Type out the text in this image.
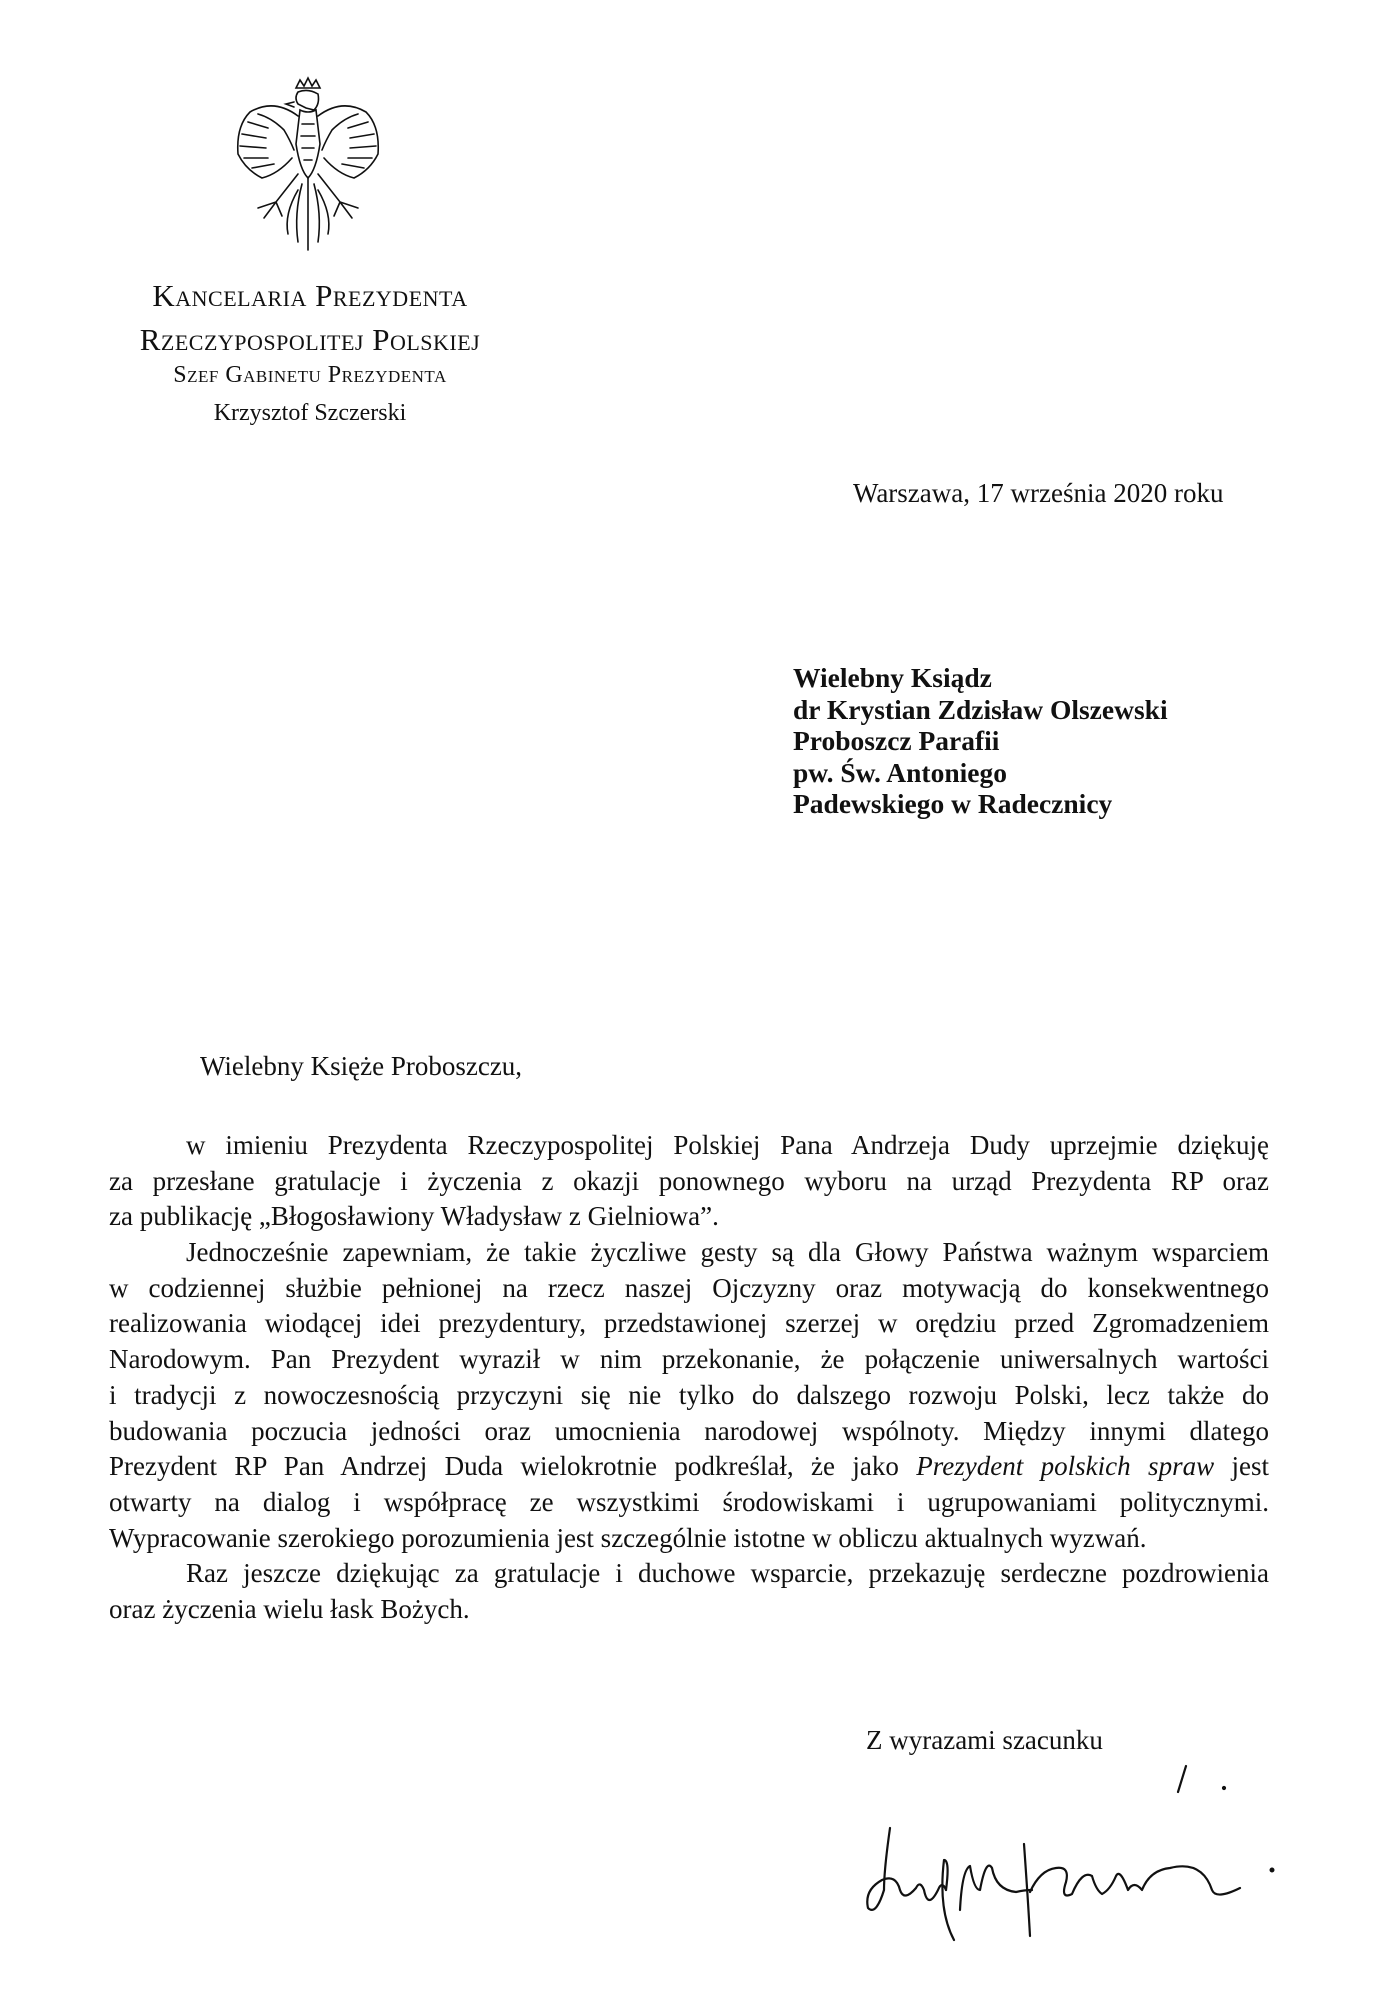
Kancelaria Prezydenta
Rzeczypospolitej Polskiej
Szef Gabinetu Prezydenta
Krzysztof Szczerski
Warszawa, 17 września 2020 roku
Wielebny Ksiądz
dr Krystian Zdzisław Olszewski
Proboszcz Parafii
pw. Św. Antoniego
Padewskiego w Radecznicy
Wielebny Księże Proboszczu,
w imieniu Prezydenta Rzeczypospolitej Polskiej Pana Andrzeja Dudy uprzejmie dziękuję
za przesłane gratulacje i życzenia z okazji ponownego wyboru na urząd Prezydenta RP oraz
za publikację „Błogosławiony Władysław z Gielniowa”.
Jednocześnie zapewniam, że takie życzliwe gesty są dla Głowy Państwa ważnym wsparciem
w codziennej służbie pełnionej na rzecz naszej Ojczyzny oraz motywacją do konsekwentnego
realizowania wiodącej idei prezydentury, przedstawionej szerzej w orędziu przed Zgromadzeniem
Narodowym. Pan Prezydent wyraził w nim przekonanie, że połączenie uniwersalnych wartości
i tradycji z nowoczesnością przyczyni się nie tylko do dalszego rozwoju Polski, lecz także do
budowania poczucia jedności oraz umocnienia narodowej wspólnoty. Między innymi dlatego
Prezydent RP Pan Andrzej Duda wielokrotnie podkreślał, że jako Prezydent polskich spraw jest
otwarty na dialog i współpracę ze wszystkimi środowiskami i ugrupowaniami politycznymi.
Wypracowanie szerokiego porozumienia jest szczególnie istotne w obliczu aktualnych wyzwań.
Raz jeszcze dziękując za gratulacje i duchowe wsparcie, przekazuję serdeczne pozdrowienia
oraz życzenia wielu łask Bożych.
Z wyrazami szacunku
